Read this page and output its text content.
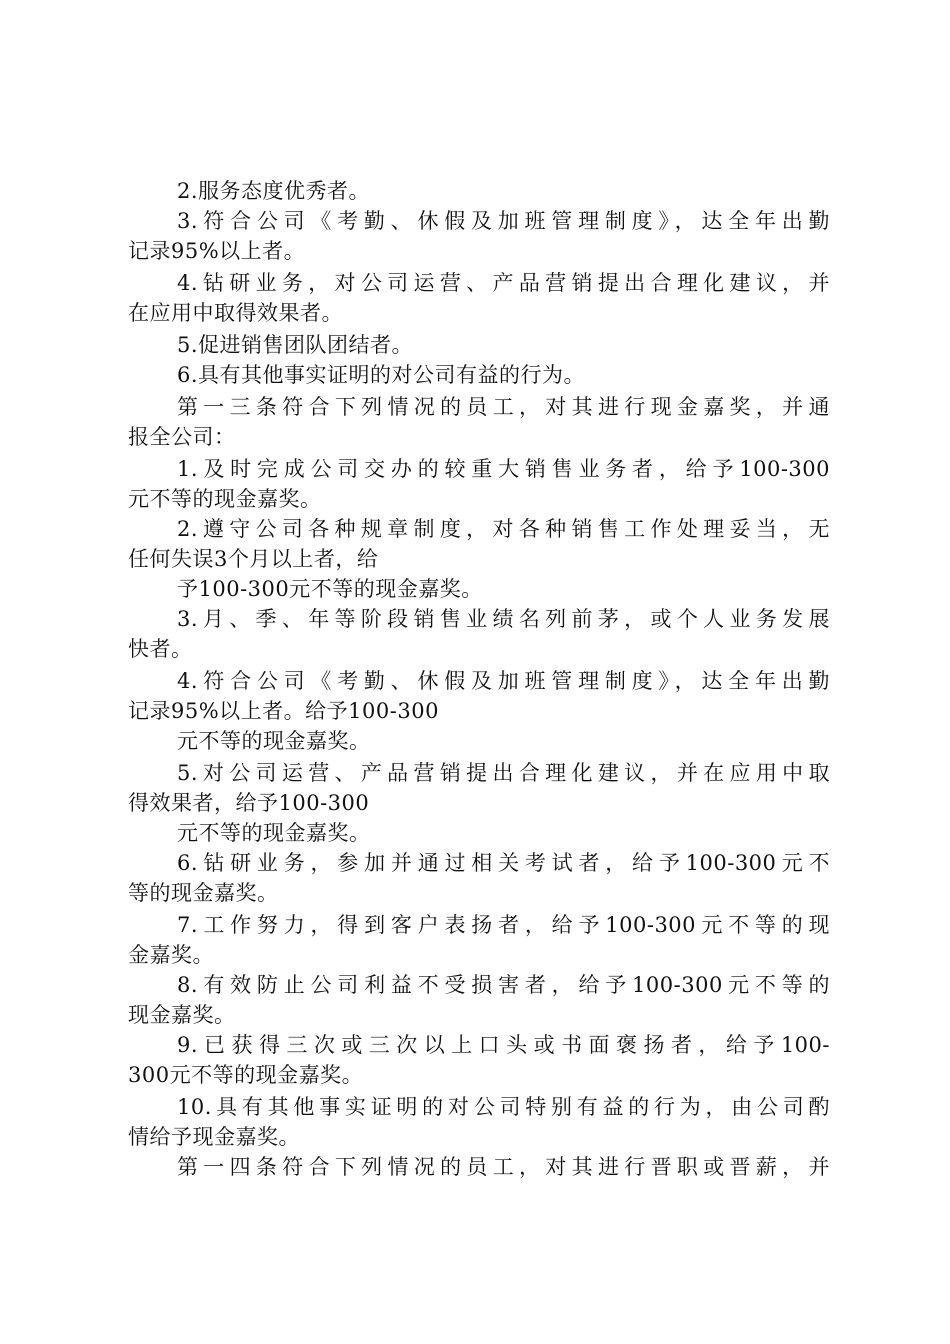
2.服务态度优秀者。
3.符合公司《考勤、休假及加班管理制度》，达全年出勤
记录95%以上者。
4.钻研业务，对公司运营、产品营销提出合理化建议，并
在应用中取得效果者。
5.促进销售团队团结者。
6.具有其他事实证明的对公司有益的行为。
第一三条符合下列情况的员工，对其进行现金嘉奖，并通
报全公司：
1.及时完成公司交办的较重大销售业务者，给予100-300
元不等的现金嘉奖。
2.遵守公司各种规章制度，对各种销售工作处理妥当，无
任何失误3个月以上者，给
予100-300元不等的现金嘉奖。
3.月、季、年等阶段销售业绩名列前茅，或个人业务发展
快者。
4.符合公司《考勤、休假及加班管理制度》，达全年出勤
记录95%以上者。给予100-300
元不等的现金嘉奖。
5.对公司运营、产品营销提出合理化建议，并在应用中取
得效果者，给予100-300
元不等的现金嘉奖。
6.钻研业务，参加并通过相关考试者，给予100-300元不
等的现金嘉奖。
7.工作努力，得到客户表扬者，给予100-300元不等的现
金嘉奖。
8.有效防止公司利益不受损害者，给予100-300元不等的
现金嘉奖。
9.已获得三次或三次以上口头或书面褒扬者，给予100-
300元不等的现金嘉奖。
10.具有其他事实证明的对公司特别有益的行为，由公司酌
情给予现金嘉奖。
第一四条符合下列情况的员工，对其进行晋职或晋薪，并
